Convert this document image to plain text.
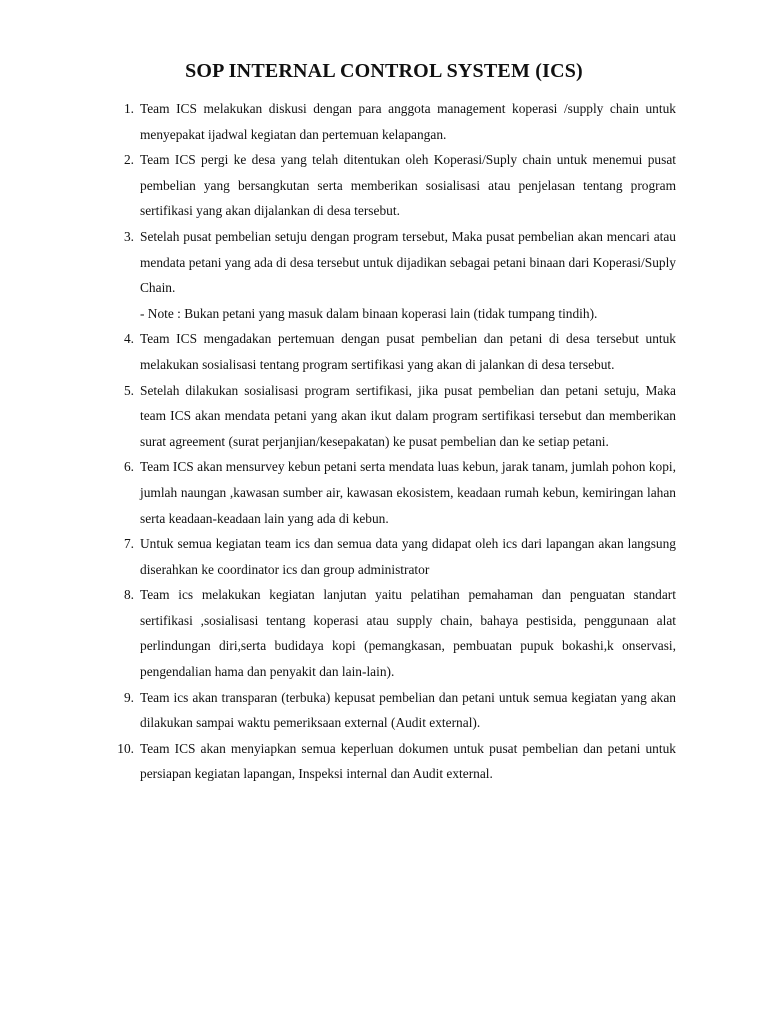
SOP INTERNAL CONTROL SYSTEM (ICS)
1. Team ICS melakukan diskusi dengan para anggota management koperasi /supply chain untuk menyepakat ijadwal kegiatan dan pertemuan kelapangan.
2. Team ICS pergi ke desa yang telah ditentukan oleh Koperasi/Suply chain untuk menemui pusat pembelian yang bersangkutan serta memberikan sosialisasi atau penjelasan tentang program sertifikasi yang akan dijalankan di desa tersebut.
3. Setelah pusat pembelian setuju dengan program tersebut, Maka pusat pembelian akan mencari atau mendata petani yang ada di desa tersebut untuk dijadikan sebagai petani binaan dari Koperasi/Suply Chain.
- Note : Bukan petani yang masuk dalam binaan koperasi lain (tidak tumpang tindih).
4. Team ICS mengadakan pertemuan dengan pusat pembelian dan petani di desa tersebut untuk melakukan sosialisasi tentang program sertifikasi yang akan di jalankan di desa tersebut.
5. Setelah dilakukan sosialisasi program sertifikasi, jika pusat pembelian dan petani setuju, Maka team ICS akan mendata petani yang akan ikut dalam program sertifikasi tersebut dan memberikan surat agreement (surat perjanjian/kesepakatan) ke pusat pembelian dan ke setiap petani.
6. Team ICS akan mensurvey kebun petani serta mendata luas kebun, jarak tanam, jumlah pohon kopi, jumlah naungan ,kawasan sumber air, kawasan ekosistem, keadaan rumah kebun, kemiringan lahan serta keadaan-keadaan lain yang ada di kebun.
7. Untuk semua kegiatan team ics dan semua data yang didapat oleh ics dari lapangan akan langsung diserahkan ke coordinator ics dan group administrator
8. Team ics melakukan kegiatan lanjutan yaitu pelatihan pemahaman dan penguatan standart sertifikasi ,sosialisasi tentang koperasi atau supply chain, bahaya pestisida, penggunaan alat perlindungan diri,serta budidaya kopi (pemangkasan, pembuatan pupuk bokashi,k onservasi, pengendalian hama dan penyakit dan lain-lain).
9. Team ics akan transparan (terbuka) kepusat pembelian dan petani untuk semua kegiatan yang akan dilakukan sampai waktu pemeriksaan external (Audit external).
10. Team ICS akan menyiapkan semua keperluan dokumen untuk pusat pembelian dan petani untuk persiapan kegiatan lapangan, Inspeksi internal dan Audit external.
